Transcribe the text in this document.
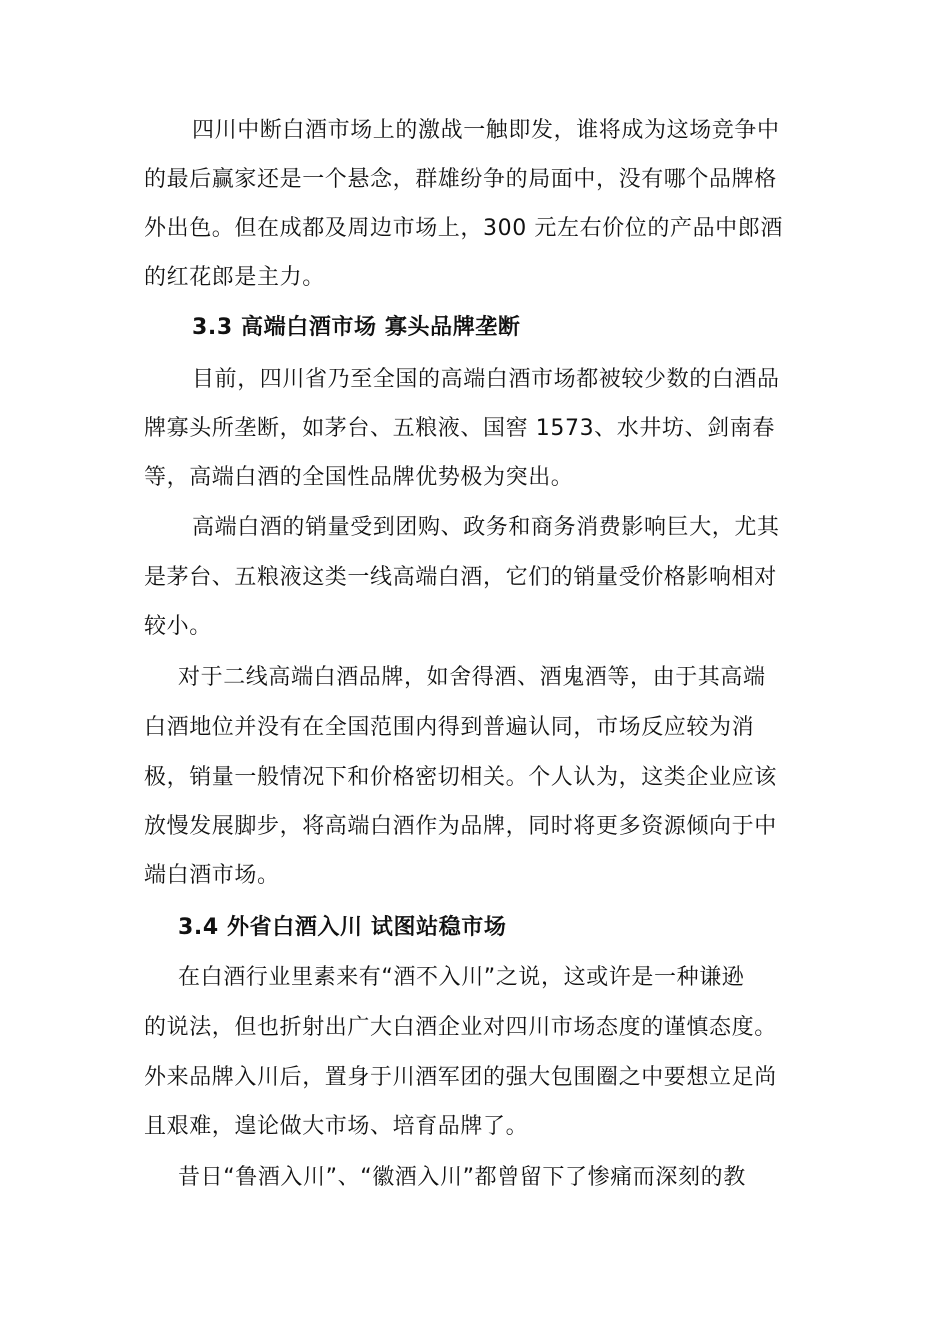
四川中断白酒市场上的激战一触即发，谁将成为这场竞争中
的最后赢家还是一个悬念，群雄纷争的局面中，没有哪个品牌格
外出色。但在成都及周边市场上，300 元左右价位的产品中郎酒
的红花郎是主力。
3.3 高端白酒市场 寡头品牌垄断
目前，四川省乃至全国的高端白酒市场都被较少数的白酒品
牌寡头所垄断，如茅台、五粮液、国窖 1573、水井坊、剑南春
等，高端白酒的全国性品牌优势极为突出。
高端白酒的销量受到团购、政务和商务消费影响巨大，尤其
是茅台、五粮液这类一线高端白酒，它们的销量受价格影响相对
较小。
对于二线高端白酒品牌，如舍得酒、酒鬼酒等，由于其高端
白酒地位并没有在全国范围内得到普遍认同，市场反应较为消
极，销量一般情况下和价格密切相关。个人认为，这类企业应该
放慢发展脚步，将高端白酒作为品牌，同时将更多资源倾向于中
端白酒市场。
3.4 外省白酒入川 试图站稳市场
在白酒行业里素来有“酒不入川”之说，这或许是一种谦逊
的说法，但也折射出广大白酒企业对四川市场态度的谨慎态度。
外来品牌入川后，置身于川酒军团的强大包围圈之中要想立足尚
且艰难，遑论做大市场、培育品牌了。
昔日“鲁酒入川”、“徽酒入川”都曾留下了惨痛而深刻的教
